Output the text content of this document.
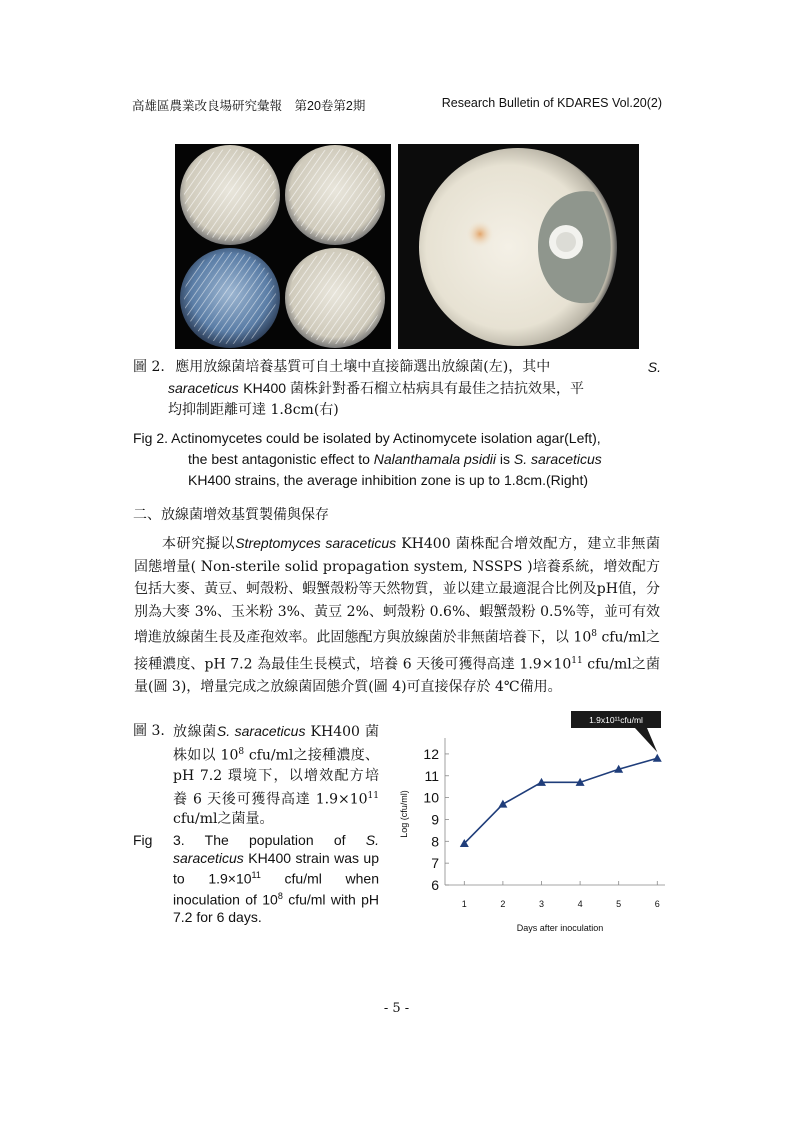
高雄區農業改良場研究彙報　第20卷第2期	Research Bulletin of KDARES Vol.20(2)
圖 2. 應用放線菌培養基質可自土壤中直接篩選出放線菌(左)，其中	S.
saraceticus KH400 菌株針對番石榴立枯病具有最佳之拮抗效果，平
均抑制距離可達 1.8cm(右)
Fig 2. Actinomycetes could be isolated by Actinomycete isolation agar(Left),
the best antagonistic effect to Nalanthamala psidii is S. saraceticus
KH400 strains, the average inhibition zone is up to 1.8cm.(Right)
二、放線菌增效基質製備與保存
本研究擬以Streptomyces saraceticus KH400 菌株配合增效配方，建立非無菌固態增量( Non-sterile solid propagation system, NSSPS )培養系統，增效配方包括大麥、黃豆、蚵殼粉、蝦蟹殼粉等天然物質，並以建立最適混合比例及pH值，分別為大麥 3%、玉米粉 3%、黃豆 2%、蚵殼粉 0.6%、蝦蟹殼粉 0.5%等，並可有效增進放線菌生長及產孢效率。此固態配方與放線菌於非無菌培養下，以 $10^8$ cfu/ml之接種濃度、pH 7.2 為最佳生長模式，培養 6 天後可獲得高達 $1.9\times 10^{11}$ cfu/ml之菌量(圖 3)，增量完成之放線菌固態介質(圖 4)可直接保存於 4℃備用。
圖 3. 放線菌S. saraceticus KH400 菌株如以 $10^8$ cfu/ml之接種濃度、pH 7.2 環境下，以增效配方培養 6 天後可獲得高達 $1.9\times 10^{11}$ cfu/ml之菌量。
Fig	3. The population of S. saraceticus KH400 strain was up to $1.9\times 10^{11}$ cfu/ml when inoculation of $10^8$ cfu/ml with pH 7.2 for 6 days.
6
7
8
9
10
11
12
1	2	3	4	5	6
Log (cfu/ml)
Days after inoculation
1.9x10¹¹cfu/ml
- 5 -
